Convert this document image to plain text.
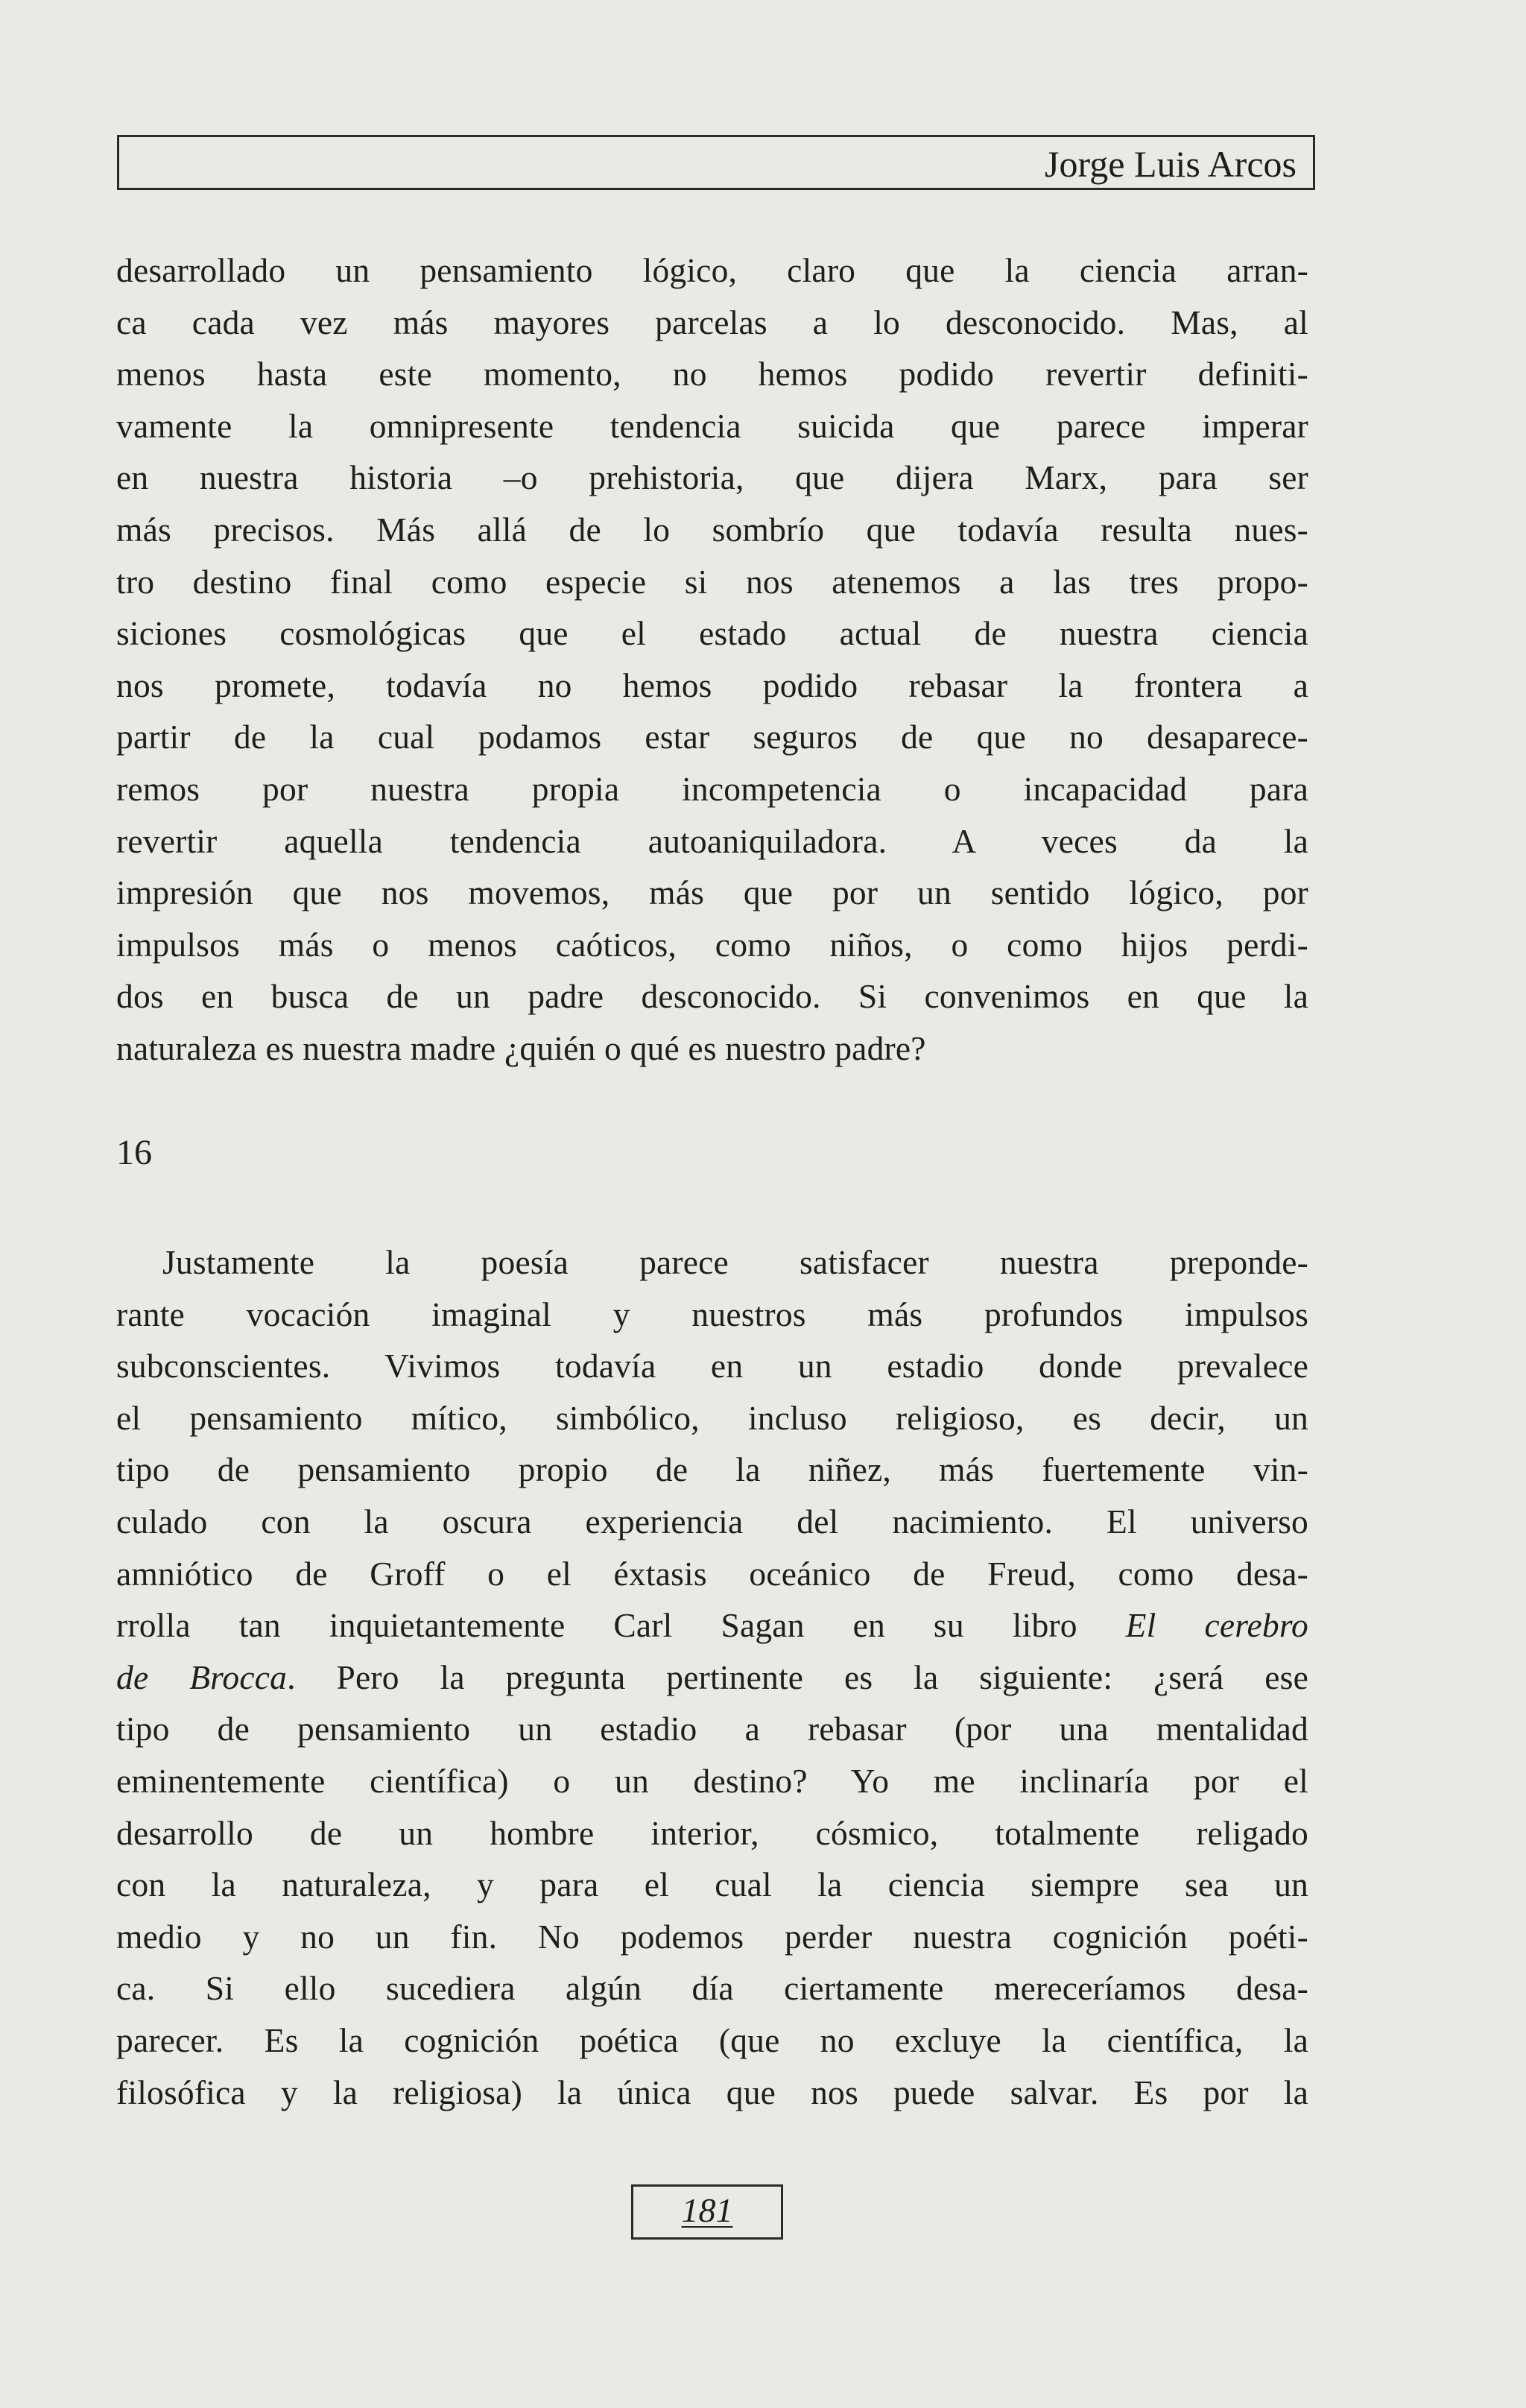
Jorge Luis Arcos
desarrollado un pensamiento lógico, claro que la ciencia arran-
ca cada vez más mayores parcelas a lo desconocido. Mas, al
menos hasta este momento, no hemos podido revertir definiti-
vamente la omnipresente tendencia suicida que parece imperar
en nuestra historia –o prehistoria, que dijera Marx, para ser
más precisos. Más allá de lo sombrío que todavía resulta nues-
tro destino final como especie si nos atenemos a las tres propo-
siciones cosmológicas que el estado actual de nuestra ciencia
nos promete, todavía no hemos podido rebasar la frontera a
partir de la cual podamos estar seguros de que no desaparece-
remos por nuestra propia incompetencia o incapacidad para
revertir aquella tendencia autoaniquiladora. A veces da la
impresión que nos movemos, más que por un sentido lógico, por
impulsos más o menos caóticos, como niños, o como hijos perdi-
dos en busca de un padre desconocido. Si convenimos en que la
naturaleza es nuestra madre ¿quién o qué es nuestro padre?
16
Justamente la poesía parece satisfacer nuestra preponde-
rante vocación imaginal y nuestros más profundos impulsos
subconscientes. Vivimos todavía en un estadio donde prevalece
el pensamiento mítico, simbólico, incluso religioso, es decir, un
tipo de pensamiento propio de la niñez, más fuertemente vin-
culado con la oscura experiencia del nacimiento. El universo
amniótico de Groff o el éxtasis oceánico de Freud, como desa-
rrolla tan inquietantemente Carl Sagan en su libro El cerebro
de Brocca. Pero la pregunta pertinente es la siguiente: ¿será ese
tipo de pensamiento un estadio a rebasar (por una mentalidad
eminentemente científica) o un destino? Yo me inclinaría por el
desarrollo de un hombre interior, cósmico, totalmente religado
con la naturaleza, y para el cual la ciencia siempre sea un
medio y no un fin. No podemos perder nuestra cognición poéti-
ca. Si ello sucediera algún día ciertamente mereceríamos desa-
parecer. Es la cognición poética (que no excluye la científica, la
filosófica y la religiosa) la única que nos puede salvar. Es por la
181
